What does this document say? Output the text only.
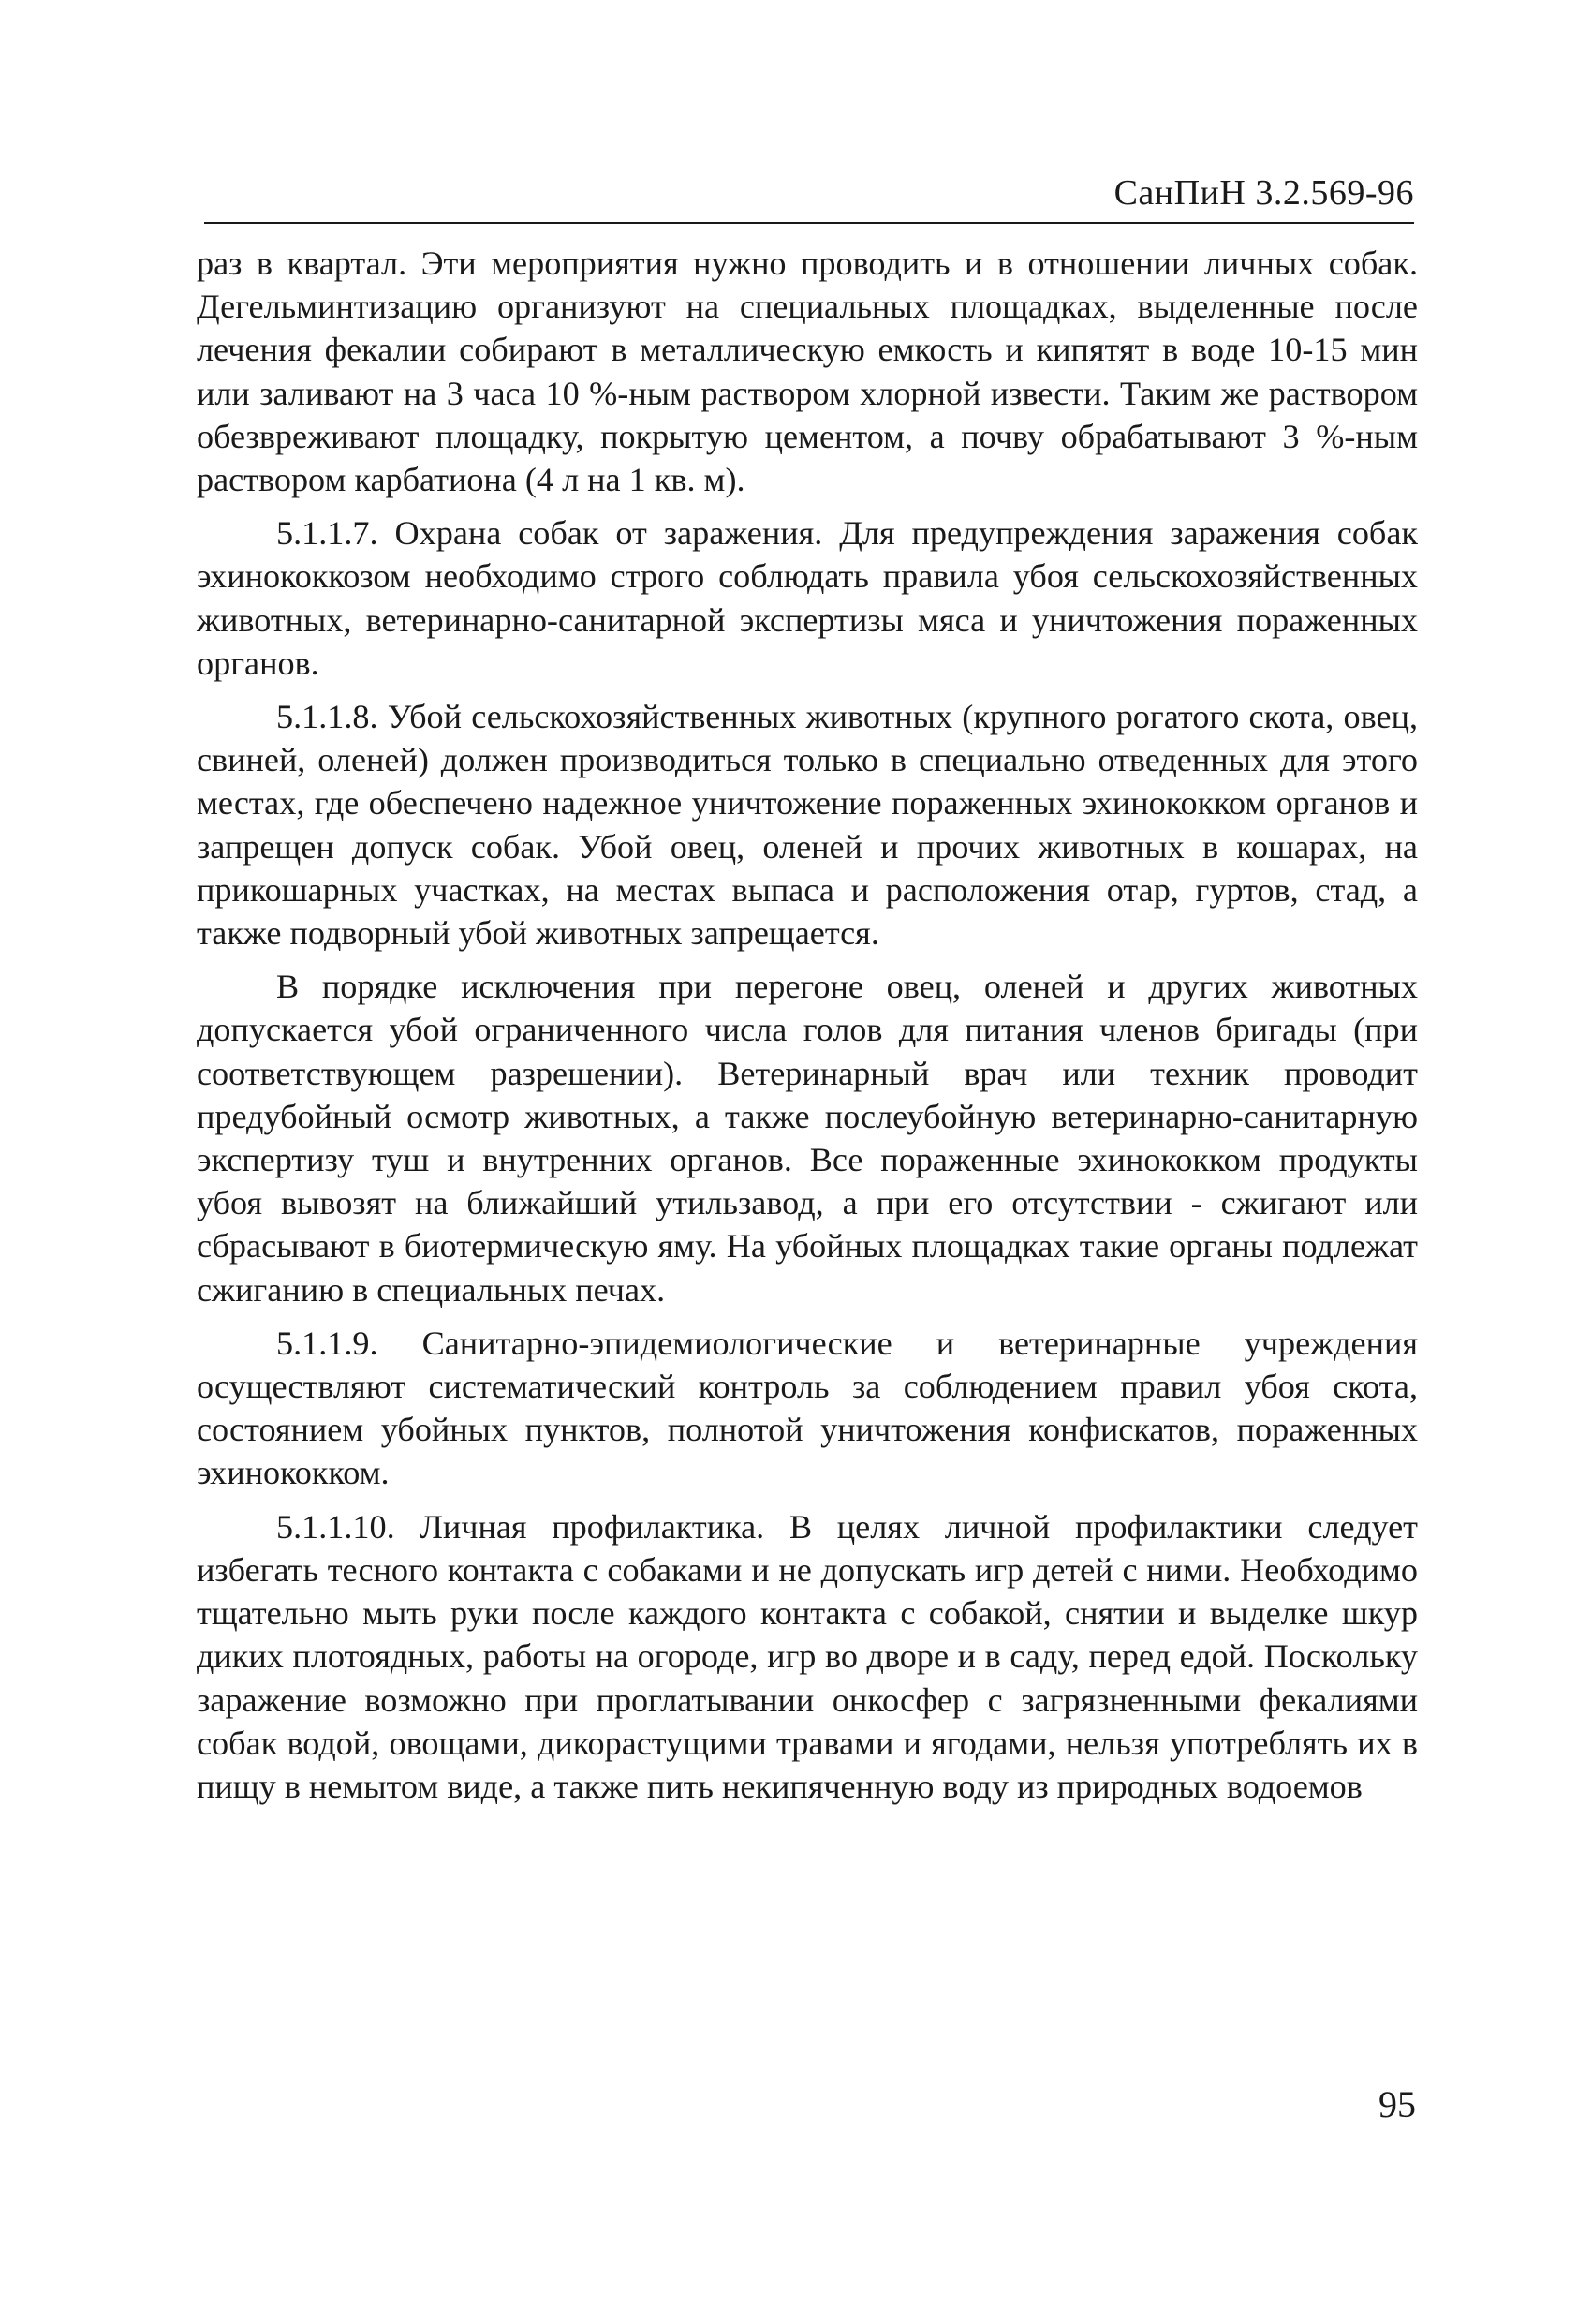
СанПиН 3.2.569-96

раз в квартал. Эти мероприятия нужно проводить и в отношении личных собак. Дегельминтизацию организуют на специальных площадках, выделенные после лечения фекалии собирают в металлическую емкость и кипятят в воде 10-15 мин или заливают на 3 часа 10 %-ным раствором хлорной извести. Таким же раствором обезвреживают площадку, покрытую цементом, а почву обрабатывают 3 %-ным раствором карбатиона (4 л на 1 кв. м).

5.1.1.7. Охрана собак от заражения. Для предупреждения заражения собак эхинококкозом необходимо строго соблюдать правила убоя сельскохозяйственных животных, ветеринарно-санитарной экспертизы мяса и уничтожения пораженных органов.

5.1.1.8. Убой сельскохозяйственных животных (крупного рогатого скота, овец, свиней, оленей) должен производиться только в специально отведенных для этого местах, где обеспечено надежное уничтожение пораженных эхинококком органов и запрещен допуск собак. Убой овец, оленей и прочих животных в кошарах, на прикошарных участках, на местах выпаса и расположения отар, гуртов, стад, а также подворный убой животных запрещается.

В порядке исключения при перегоне овец, оленей и других животных допускается убой ограниченного числа голов для питания членов бригады (при соответствующем разрешении). Ветеринарный врач или техник проводит предубойный осмотр животных, а также послеубойную ветеринарно-санитарную экспертизу туш и внутренних органов. Все пораженные эхинококком продукты убоя вывозят на ближайший утильзавод, а при его отсутствии - сжигают или сбрасывают в биотермическую яму. На убойных площадках такие органы подлежат сжиганию в специальных печах.

5.1.1.9. Санитарно-эпидемиологические и ветеринарные учреждения осуществляют систематический контроль за соблюдением правил убоя скота, состоянием убойных пунктов, полнотой уничтожения конфискатов, пораженных эхинококком.

5.1.1.10. Личная профилактика. В целях личной профилактики следует избегать тесного контакта с собаками и не допускать игр детей с ними. Необходимо тщательно мыть руки после каждого контакта с собакой, снятии и выделке шкур диких плотоядных, работы на огороде, игр во дворе и в саду, перед едой. Поскольку заражение возможно при проглатывании онкосфер с загрязненными фекалиями собак водой, овощами, дикорастущими травами и ягодами, нельзя употреблять их в пищу в немытом виде, а также пить некипяченную воду из природных водоемов

95
